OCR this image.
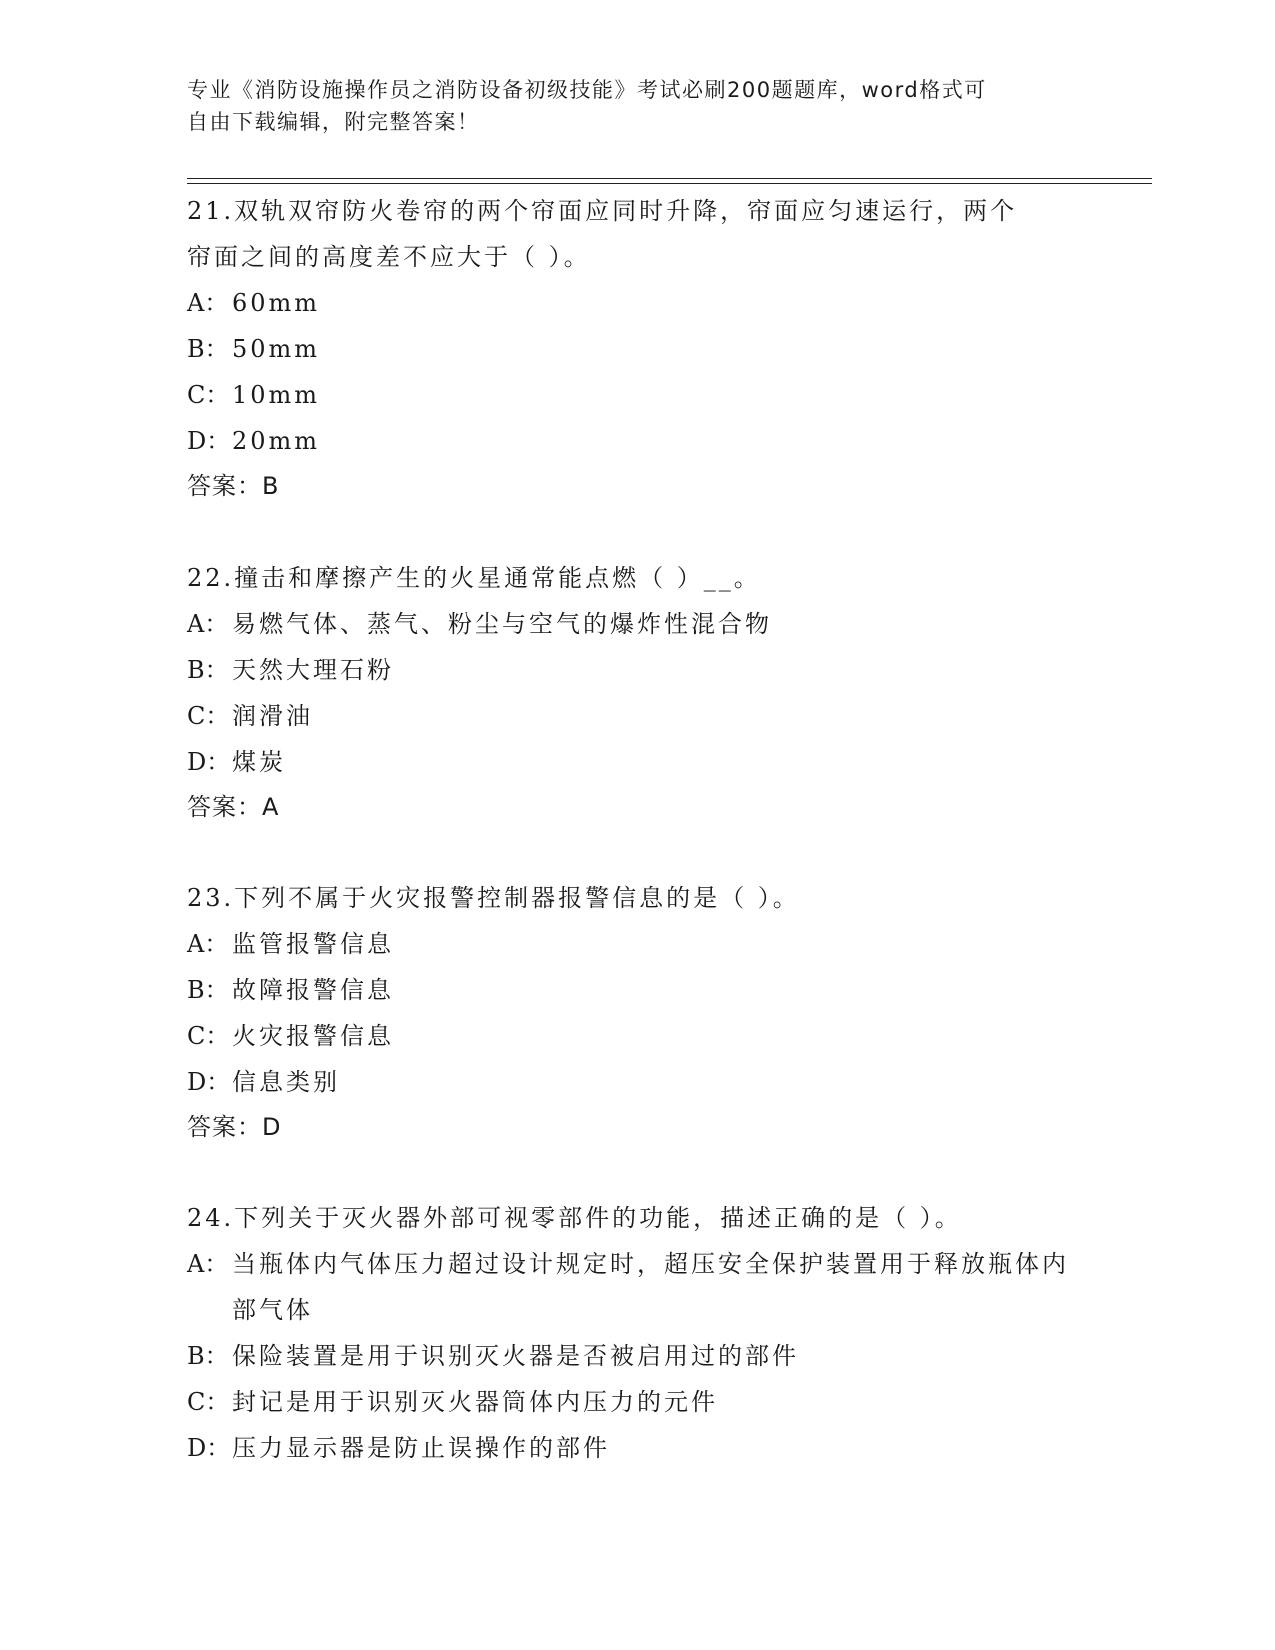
专业《消防设施操作员之消防设备初级技能》考试必刷200题题库，word格式可
自由下载编辑，附完整答案！
21.双轨双帘防火卷帘的两个帘面应同时升降，帘面应匀速运行，两个
帘面之间的高度差不应大于（ ）。
A： 60mm
B： 50mm
C： 10mm
D： 20mm
答案：B
22.撞击和摩擦产生的火星通常能点燃（ ）__。
A： 易燃气体、蒸气、粉尘与空气的爆炸性混合物
B： 天然大理石粉
C： 润滑油
D： 煤炭
答案：A
23.下列不属于火灾报警控制器报警信息的是（ ）。
A： 监管报警信息
B： 故障报警信息
C： 火灾报警信息
D： 信息类别
答案：D
24.下列关于灭火器外部可视零部件的功能，描述正确的是（ ）。
A： 当瓶体内气体压力超过设计规定时，超压安全保护装置用于释放瓶体内部气体
B： 保险装置是用于识别灭火器是否被启用过的部件
C： 封记是用于识别灭火器筒体内压力的元件
D： 压力显示器是防止误操作的部件
